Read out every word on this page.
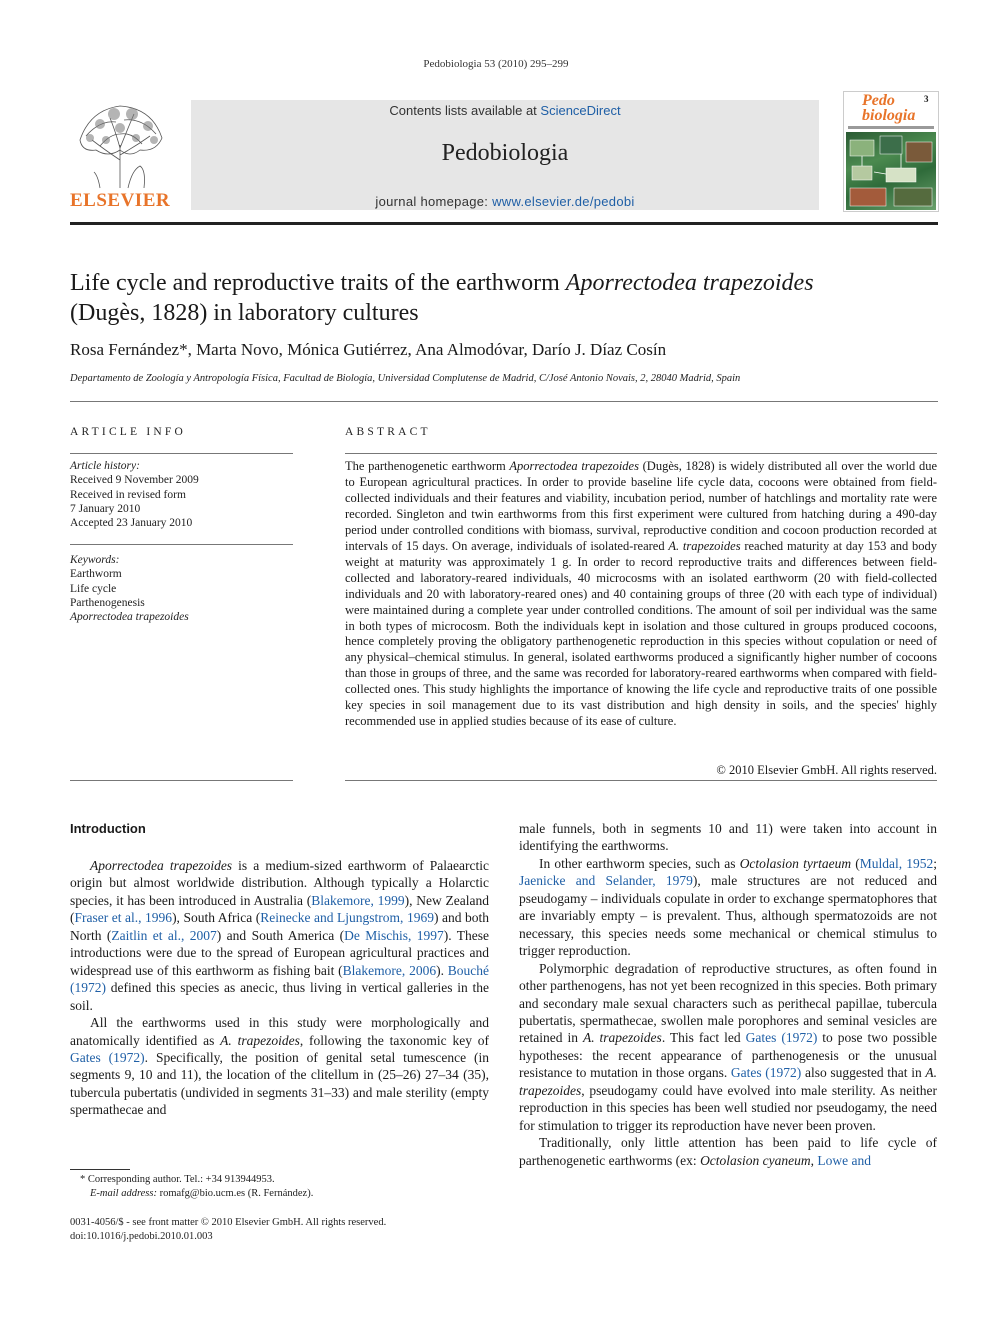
Pedobiologia 53 (2010) 295–299
ELSEVIER
Contents lists available at ScienceDirect
Pedobiologia
journal homepage: www.elsevier.de/pedobi
Pedo
biologia
3
Life cycle and reproductive traits of the earthworm Aporrectodea trapezoides
(Dugès, 1828) in laboratory cultures
Rosa Fernández*, Marta Novo, Mónica Gutiérrez, Ana Almodóvar, Darío J. Díaz Cosín
Departamento de Zoología y Antropología Física, Facultad de Biología, Universidad Complutense de Madrid, C/José Antonio Novais, 2, 28040 Madrid, Spain
ARTICLE INFO
Article history:
Received 9 November 2009
Received in revised form
7 January 2010
Accepted 23 January 2010
Keywords:
Earthworm
Life cycle
Parthenogenesis
Aporrectodea trapezoides
ABSTRACT
The parthenogenetic earthworm Aporrectodea trapezoides (Dugès, 1828) is widely distributed all over the world due to European agricultural practices. In order to provide baseline life cycle data, cocoons were obtained from field-collected individuals and their features and viability, incubation period, number of hatchlings and mortality rate were recorded. Singleton and twin earthworms from this first experiment were cultured from hatching during a 490-day period under controlled conditions with biomass, survival, reproductive condition and cocoon production recorded at intervals of 15 days. On average, individuals of isolated-reared A. trapezoides reached maturity at day 153 and body weight at maturity was approximately 1 g. In order to record reproductive traits and differences between field-collected and laboratory-reared individuals, 40 microcosms with an isolated earthworm (20 with field-collected individuals and 20 with laboratory-reared ones) and 40 containing groups of three (20 with each type of individual) were maintained during a complete year under controlled conditions. The amount of soil per individual was the same in both types of microcosm. Both the individuals kept in isolation and those cultured in groups produced cocoons, hence completely proving the obligatory parthenogenetic reproduction in this species without copulation or need of any physical–chemical stimulus. In general, isolated earthworms produced a significantly higher number of cocoons than those in groups of three, and the same was recorded for laboratory-reared earthworms when compared with field-collected ones. This study highlights the importance of knowing the life cycle and reproductive traits of one possible key species in soil management due to its vast distribution and high density in soils, and the species' highly recommended use in applied studies because of its ease of culture.
© 2010 Elsevier GmbH. All rights reserved.
Introduction

Aporrectodea trapezoides is a medium-sized earthworm of Palaearctic origin but almost worldwide distribution. Although typically a Holarctic species, it has been introduced in Australia (Blakemore, 1999), New Zealand (Fraser et al., 1996), South Africa (Reinecke and Ljungstrom, 1969) and both North (Zaitlin et al., 2007) and South America (De Mischis, 1997). These introductions were due to the spread of European agricultural practices and widespread use of this earthworm as fishing bait (Blakemore, 2006). Bouché (1972) defined this species as anecic, thus living in vertical galleries in the soil.

All the earthworms used in this study were morphologically and anatomically identified as A. trapezoides, following the taxonomic key of Gates (1972). Specifically, the position of genital setal tumescence (in segments 9, 10 and 11), the location of the clitellum in (25–26) 27–34 (35), tubercula pubertatis (undivided in segments 31–33) and male sterility (empty spermathecae and

male funnels, both in segments 10 and 11) were taken into account in identifying the earthworms.

In other earthworm species, such as Octolasion tyrtaeum (Muldal, 1952; Jaenicke and Selander, 1979), male structures are not reduced and pseudogamy – individuals copulate in order to exchange spermatophores that are invariably empty – is prevalent. Thus, although spermatozoids are not necessary, this species needs some mechanical or chemical stimulus to trigger reproduction.

Polymorphic degradation of reproductive structures, as often found in other parthenogens, has not yet been recognized in this species. Both primary and secondary male sexual characters such as perithecal papillae, tubercula pubertatis, spermathecae, swollen male porophores and seminal vesicles are retained in A. trapezoides. This fact led Gates (1972) to pose two possible hypotheses: the recent appearance of parthenogenesis or the unusual resistance to mutation in those organs. Gates (1972) also suggested that in A. trapezoides, pseudogamy could have evolved into male sterility. As neither reproduction in this species has been well studied nor pseudogamy, the need for stimulation to trigger its reproduction have never been proven.

Traditionally, only little attention has been paid to life cycle of parthenogenetic earthworms (ex: Octolasion cyaneum, Lowe and

* Corresponding author. Tel.: +34 913944953.
E-mail address: romafg@bio.ucm.es (R. Fernández).
0031-4056/$ - see front matter © 2010 Elsevier GmbH. All rights reserved.
doi:10.1016/j.pedobi.2010.01.003
